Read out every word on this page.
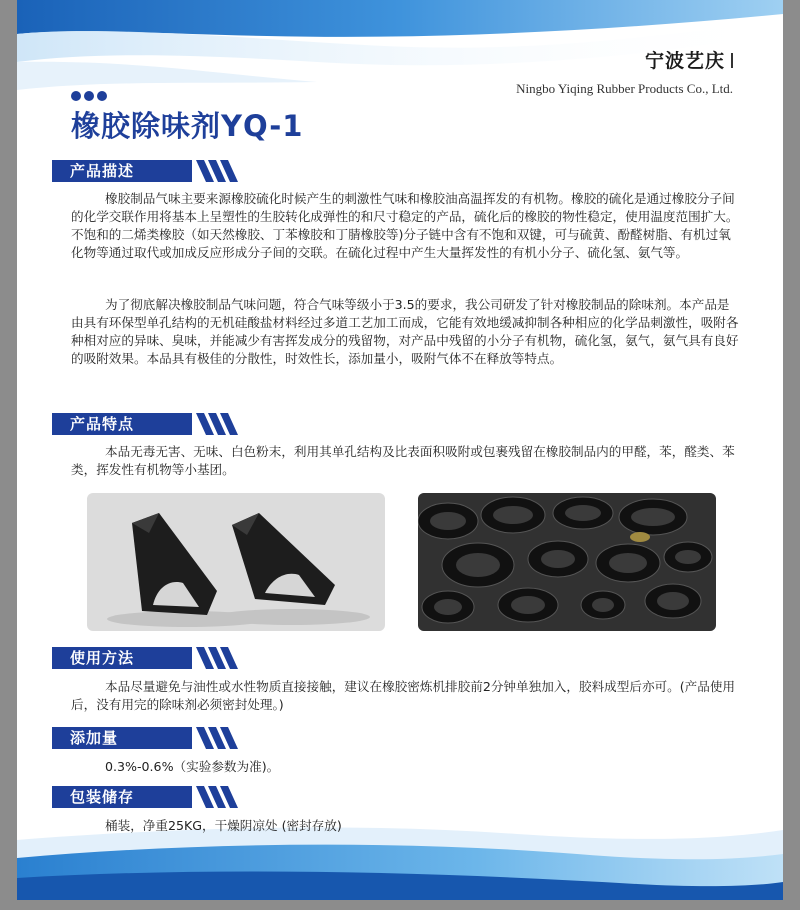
宁波艺庆
Ningbo Yiqing Rubber Products Co., Ltd.
橡胶除味剂YQ-1
产品描述

橡胶制品气味主要来源橡胶硫化时候产生的刺激性气味和橡胶油高温挥发的有机物。橡胶的硫化是通过橡胶分子间的化学交联作用将基本上呈塑性的生胶转化成弹性的和尺寸稳定的产品，硫化后的橡胶的物性稳定，使用温度范围扩大。不饱和的二烯类橡胶（如天然橡胶、丁苯橡胶和丁腈橡胶等)分子链中含有不饱和双键，可与硫黄、酚醛树脂、有机过氧化物等通过取代或加成反应形成分子间的交联。在硫化过程中产生大量挥发性的有机小分子、硫化氢、氨气等。

为了彻底解决橡胶制品气味问题，符合气味等级小于3.5的要求，我公司研发了针对橡胶制品的除味剂。本产品是由具有环保型单孔结构的无机硅酸盐材料经过多道工艺加工而成，它能有效地缓减抑制各种相应的化学品刺激性，吸附各种相对应的异味、臭味，并能减少有害挥发成分的残留物，对产品中残留的小分子有机物，硫化氢，氨气，氨气具有良好的吸附效果。本品具有极佳的分散性，时效性长，添加量小，吸附气体不在释放等特点。

产品特点

本品无毒无害、无味、白色粉末，利用其单孔结构及比表面积吸附或包裹残留在橡胶制品内的甲醛，苯，醛类、苯类，挥发性有机物等小基团。

使用方法

本品尽量避免与油性或水性物质直接接触，建议在橡胶密炼机排胶前2分钟单独加入，胶料成型后亦可。(产品使用后，没有用完的除味剂必须密封处理。)

添加量

0.3%-0.6%（实验参数为准)。

包装储存

桶装，净重25KG，干燥阴凉处 (密封存放)
